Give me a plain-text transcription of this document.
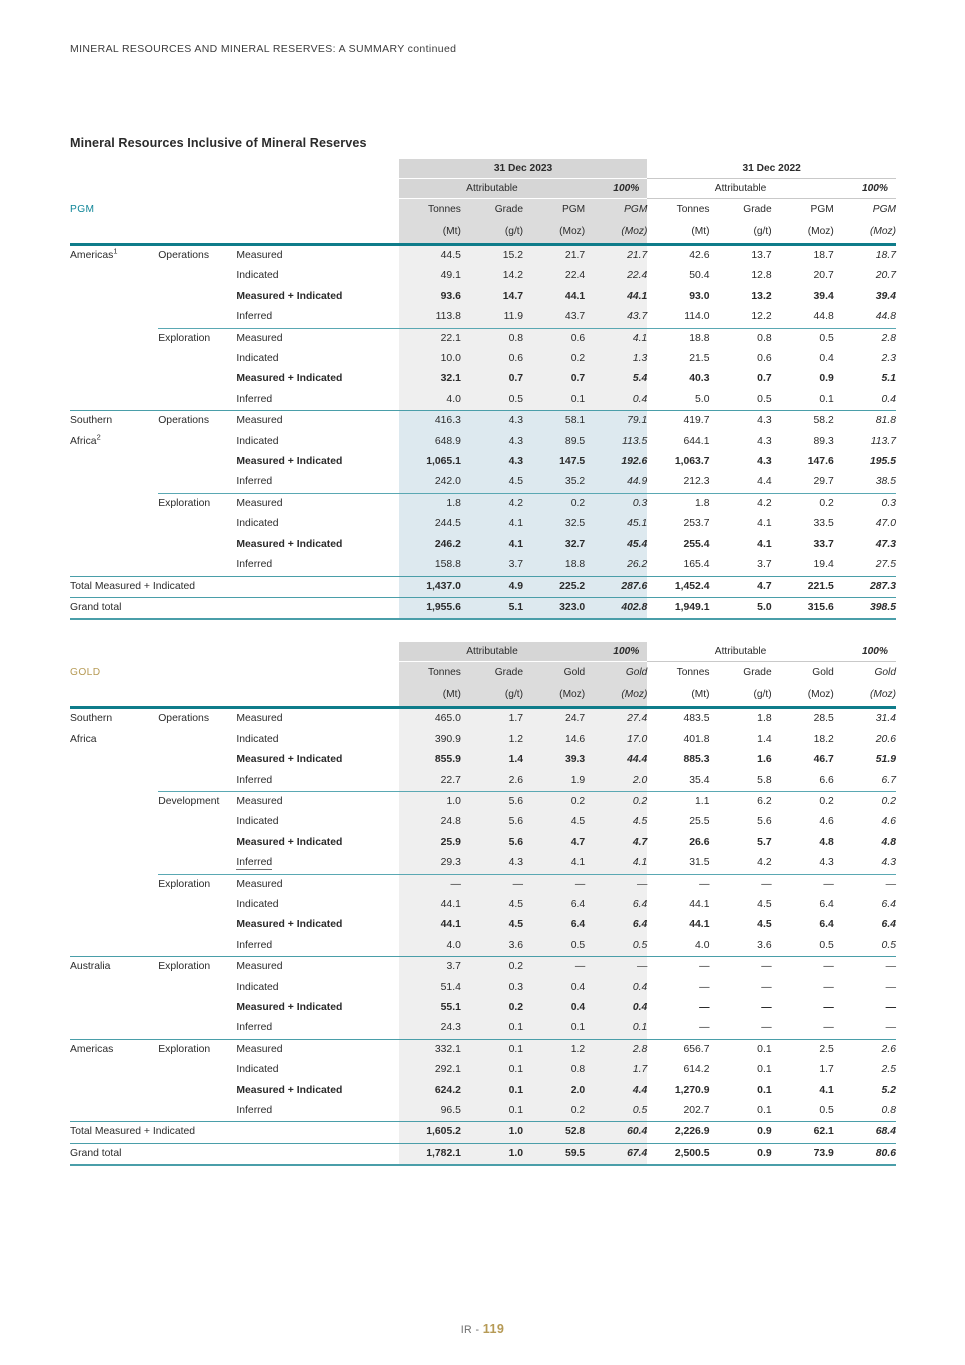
MINERAL RESOURCES AND MINERAL RESERVES: A SUMMARY continued
Mineral Resources Inclusive of Mineral Reserves
			31 Dec 2023				31 Dec 2022			
			Attributable			100%	Attributable			100%
PGM			Tonnes	Grade	PGM	PGM	Tonnes	Grade	PGM	PGM
			(Mt)	(g/t)	(Moz)	(Moz)	(Mt)	(g/t)	(Moz)	(Moz)

Americas$^1$	Operations	Measured	44.5	15.2	21.7	21.7	42.6	13.7	18.7	18.7
		Indicated	49.1	14.2	22.4	22.4	50.4	12.8	20.7	20.7
		Measured + Indicated	93.6	14.7	44.1	44.1	93.0	13.2	39.4	39.4
		Inferred	113.8	11.9	43.7	43.7	114.0	12.2	44.8	44.8

	Exploration	Measured	22.1	0.8	0.6	4.1	18.8	0.8	0.5	2.8
		Indicated	10.0	0.6	0.2	1.3	21.5	0.6	0.4	2.3
		Measured + Indicated	32.1	0.7	0.7	5.4	40.3	0.7	0.9	5.1
		Inferred	4.0	0.5	0.1	0.4	5.0	0.5	0.1	0.4

Southern	Operations	Measured	416.3	4.3	58.1	79.1	419.7	4.3	58.2	81.8
Africa$^2$		Indicated	648.9	4.3	89.5	113.5	644.1	4.3	89.3	113.7
		Measured + Indicated	1,065.1	4.3	147.5	192.6	1,063.7	4.3	147.6	195.5
		Inferred	242.0	4.5	35.2	44.9	212.3	4.4	29.7	38.5

	Exploration	Measured	1.8	4.2	0.2	0.3	1.8	4.2	0.2	0.3
		Indicated	244.5	4.1	32.5	45.1	253.7	4.1	33.5	47.0
		Measured + Indicated	246.2	4.1	32.7	45.4	255.4	4.1	33.7	47.3
		Inferred	158.8	3.7	18.8	26.2	165.4	3.7	19.4	27.5

Total Measured + Indicated			1,437.0	4.9	225.2	287.6	1,452.4	4.7	221.5	287.3

Grand total			1,955.6	5.1	323.0	402.8	1,949.1	5.0	315.6	398.5

			Attributable			100%	Attributable			100%
GOLD			Tonnes	Grade	Gold	Gold	Tonnes	Grade	Gold	Gold
			(Mt)	(g/t)	(Moz)	(Moz)	(Mt)	(g/t)	(Moz)	(Moz)

Southern	Operations	Measured	465.0	1.7	24.7	27.4	483.5	1.8	28.5	31.4
Africa		Indicated	390.9	1.2	14.6	17.0	401.8	1.4	18.2	20.6
		Measured + Indicated	855.9	1.4	39.3	44.4	885.3	1.6	46.7	51.9
		Inferred	22.7	2.6	1.9	2.0	35.4	5.8	6.6	6.7

	Development	Measured	1.0	5.6	0.2	0.2	1.1	6.2	0.2	0.2
		Indicated	24.8	5.6	4.5	4.5	25.5	5.6	4.6	4.6
		Measured + Indicated	25.9	5.6	4.7	4.7	26.6	5.7	4.8	4.8
		Inferred	29.3	4.3	4.1	4.1	31.5	4.2	4.3	4.3

	Exploration	Measured	—	—	—	—	—	—	—	—
		Indicated	44.1	4.5	6.4	6.4	44.1	4.5	6.4	6.4
		Measured + Indicated	44.1	4.5	6.4	6.4	44.1	4.5	6.4	6.4
		Inferred	4.0	3.6	0.5	0.5	4.0	3.6	0.5	0.5

Australia	Exploration	Measured	3.7	0.2	—	—	—	—	—	—
		Indicated	51.4	0.3	0.4	0.4	—	—	—	—
		Measured + Indicated	55.1	0.2	0.4	0.4	—	—	—	—
		Inferred	24.3	0.1	0.1	0.1	—	—	—	—

Americas	Exploration	Measured	332.1	0.1	1.2	2.8	656.7	0.1	2.5	2.6
		Indicated	292.1	0.1	0.8	1.7	614.2	0.1	1.7	2.5
		Measured + Indicated	624.2	0.1	2.0	4.4	1,270.9	0.1	4.1	5.2
		Inferred	96.5	0.1	0.2	0.5	202.7	0.1	0.5	0.8

Total Measured + Indicated			1,605.2	1.0	52.8	60.4	2,226.9	0.9	62.1	68.4

Grand total			1,782.1	1.0	59.5	67.4	2,500.5	0.9	73.9	80.6

IR - 119
